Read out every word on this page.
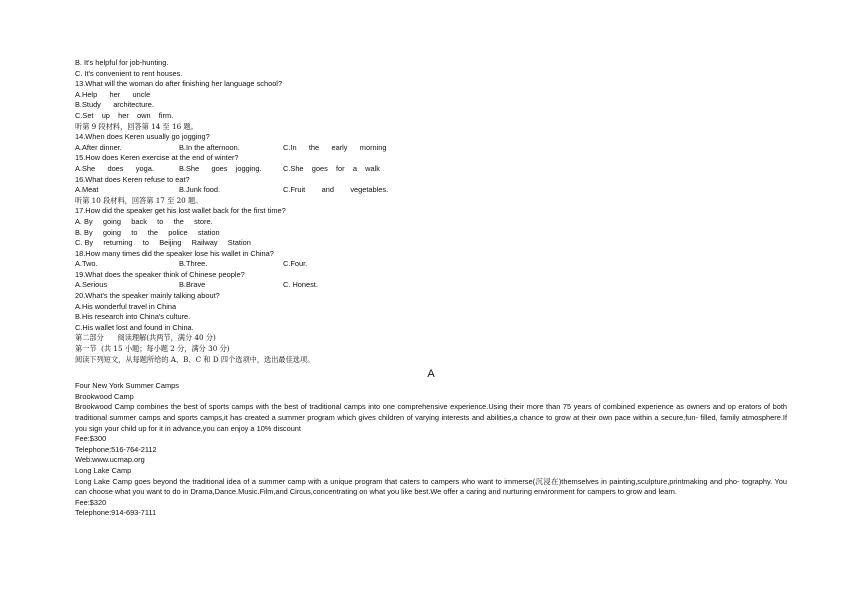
B. It's helpful for job-hunting.
C. It's convenient to rent houses.
13.What will the woman do after finishing her language school?
A.Help      her      uncle
B.Study      architecture.
C.Set    up    her    own    firm.
听第 9 段材料，回答第 14 至 16 题。
14.When does Keren usually go jogging?
A.After dinner.	B.In the afternoon.	C.In      the      early      morning
15.How does Keren exercise at the end of winter?
A.She      does      yoga.	B.She      goes    jogging.	C.She    goes    for    a    walk
16.What does Keren refuse to eat?
A.Meat	B.Junk food.	C.Fruit        and        vegetables.
听第 10 段材料，回答第 17 至 20 题。
17.How did the speaker get his lost wallet back for the first time?
A. By     going     back     to     the     store.
B. By     going     to     the     police     station
C. By     returning     to     Beijing     Railway     Station
18.How many times did the speaker lose his wallet in China?
A.Two.	B.Three.	C.Four.
19.What does the speaker think of Chinese people?
A.Serious	B.Brave	C. Honest.
20.What's the speaker mainly talking about?
A.His wonderful travel in China
B.His research into China's culture.
C.His wallet lost and found in China.
第二部分      阅读理解(共两节，满分 40 分)
第一节  (共 15 小题；每小题 2 分，满分 30 分)
阅读下列短文，从每题所给的 A、B、C 和 D 四个选项中，选出最佳选项。
A
Four New York Summer Camps
Brookwood Camp
Brookwood Camp combines the best of sports camps with the best of traditional camps into one comprehensive experience.Using their more than 75 years of combined experience as owners and op erators of both traditional summer camps and sports camps,it has created a summer program which gives children of varying interests and abilities,a chance to grow at their own pace within a secure,fun- filled, family atmosphere.If you sign your child up for it in advance,you can enjoy a 10% discount
Fee:$300
Telephone:516-764-2112
Web:www.ucmap.org
Long Lake Camp
Long Lake Camp goes beyond the traditional idea of a summer camp with a unique program that caters to campers who want to immerse(沉浸在)themselves in painting,sculpture,printmaking and pho- tography. You can choose what you want to do in Drama,Dance.Music.Film,and Circus,concentrating on what you like best.We offer a caring and nurturing environment for campers to grow and learn.
Fee:$320
Telephone:914-693-7111
